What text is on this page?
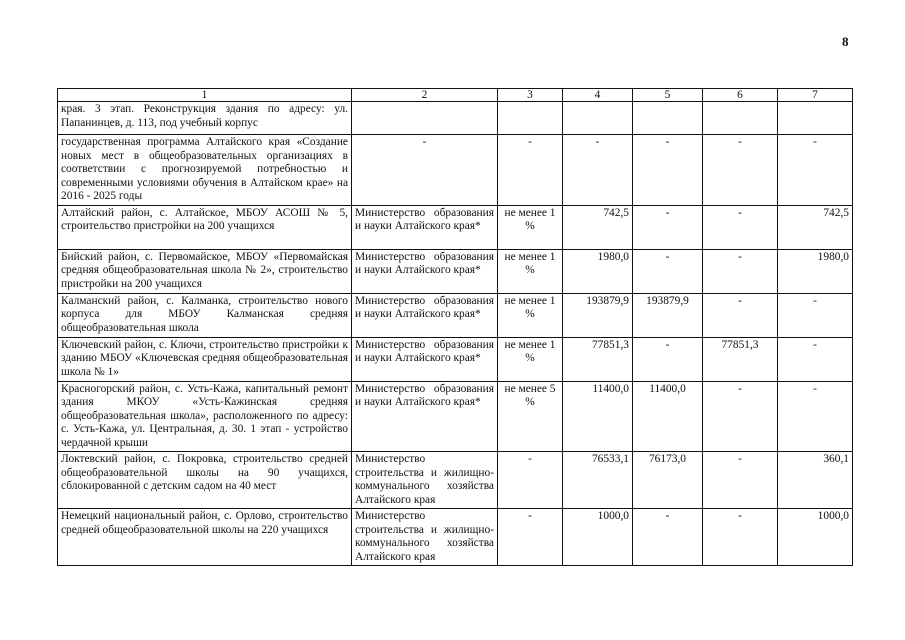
8
1	2	3	4	5	6	7
края. 3 этап. Реконструкция здания по адресу: ул. Папанинцев, д. 113, под учебный корпус						
государственная программа Алтайского края «Создание новых мест в общеобразовательных организациях в соответствии с прогнозируемой потребностью и современными условиями обучения в Алтайском крае» на 2016 - 2025 годы	-	-	-	-	-	-
Алтайский район, с. Алтайское, МБОУ АСОШ № 5, строительство пристройки на 200 учащихся	Министерство образования и науки Алтайского края*	не менее 1 %	742,5	-	-	742,5
Бийский район, с. Первомайское, МБОУ «Первомайская средняя общеобразовательная школа № 2», строительство пристройки на 200 учащихся	Министерство образования и науки Алтайского края*	не менее 1 %	1980,0	-	-	1980,0
Калманский район, с. Калманка, строительство нового корпуса для МБОУ Калманская средняя общеобразовательная школа	Министерство образования и науки Алтайского края*	не менее 1 %	193879,9	193879,9	-	-
Ключевский район, с. Ключи, строительство пристройки к зданию МБОУ «Ключевская средняя общеобразовательная школа № 1»	Министерство образования и науки Алтайского края*	не менее 1 %	77851,3	-	77851,3	-
Красногорский район, с. Усть-Кажа, капитальный ремонт здания МКОУ «Усть-Кажинская средняя общеобразовательная школа», расположенного по адресу: с. Усть-Кажа, ул. Центральная, д. 30. 1 этап - устройство чердачной крыши	Министерство образования и науки Алтайского края*	не менее 5 %	11400,0	11400,0	-	-
Локтевский район, с. Покровка, строительство средней общеобразовательной школы на 90 учащихся, сблокированной с детским садом на 40 мест	Министерство строительства и жилищно-коммунального хозяйства Алтайского края	-	76533,1	76173,0	-	360,1
Немецкий национальный район, с. Орлово, строительство средней общеобразовательной школы на 220 учащихся	Министерство строительства и жилищно-коммунального хозяйства Алтайского края	-	1000,0	-	-	1000,0
